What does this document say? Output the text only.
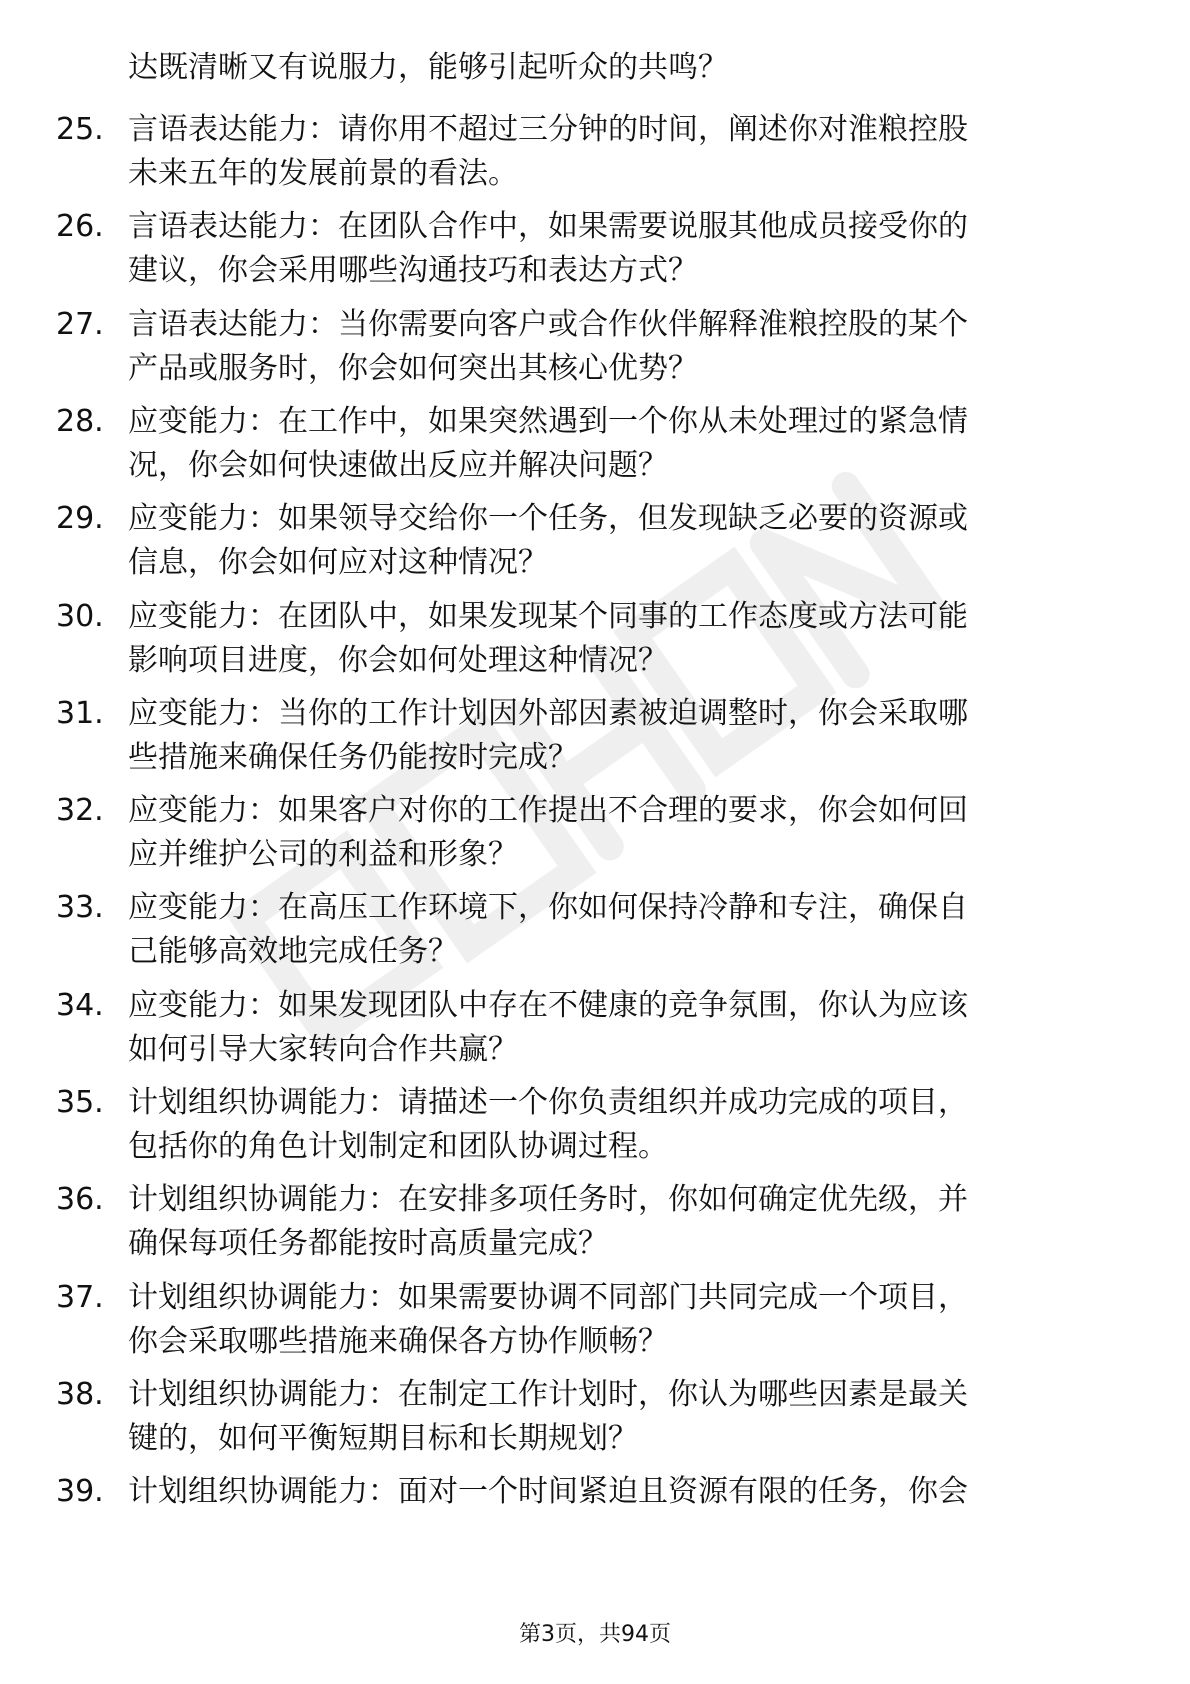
达既清晰又有说服力，能够引起听众的共鸣？
25. 言语表达能力：请你用不超过三分钟的时间，阐述你对淮粮控股
未来五年的发展前景的看法。
26. 言语表达能力：在团队合作中，如果需要说服其他成员接受你的
建议，你会采用哪些沟通技巧和表达方式？
27. 言语表达能力：当你需要向客户或合作伙伴解释淮粮控股的某个
产品或服务时，你会如何突出其核心优势？
28. 应变能力：在工作中，如果突然遇到一个你从未处理过的紧急情
况，你会如何快速做出反应并解决问题？
29. 应变能力：如果领导交给你一个任务，但发现缺乏必要的资源或
信息，你会如何应对这种情况？
30. 应变能力：在团队中，如果发现某个同事的工作态度或方法可能
影响项目进度，你会如何处理这种情况？
31. 应变能力：当你的工作计划因外部因素被迫调整时，你会采取哪
些措施来确保任务仍能按时完成？
32. 应变能力：如果客户对你的工作提出不合理的要求，你会如何回
应并维护公司的利益和形象？
33. 应变能力：在高压工作环境下，你如何保持冷静和专注，确保自
己能够高效地完成任务？
34. 应变能力：如果发现团队中存在不健康的竞争氛围，你认为应该
如何引导大家转向合作共赢？
35. 计划组织协调能力：请描述一个你负责组织并成功完成的项目，
包括你的角色计划制定和团队协调过程。
36. 计划组织协调能力：在安排多项任务时，你如何确定优先级，并
确保每项任务都能按时高质量完成？
37. 计划组织协调能力：如果需要协调不同部门共同完成一个项目，
你会采取哪些措施来确保各方协作顺畅？
38. 计划组织协调能力：在制定工作计划时，你认为哪些因素是最关
键的，如何平衡短期目标和长期规划？
39. 计划组织协调能力：面对一个时间紧迫且资源有限的任务，你会
第3页，共94页
